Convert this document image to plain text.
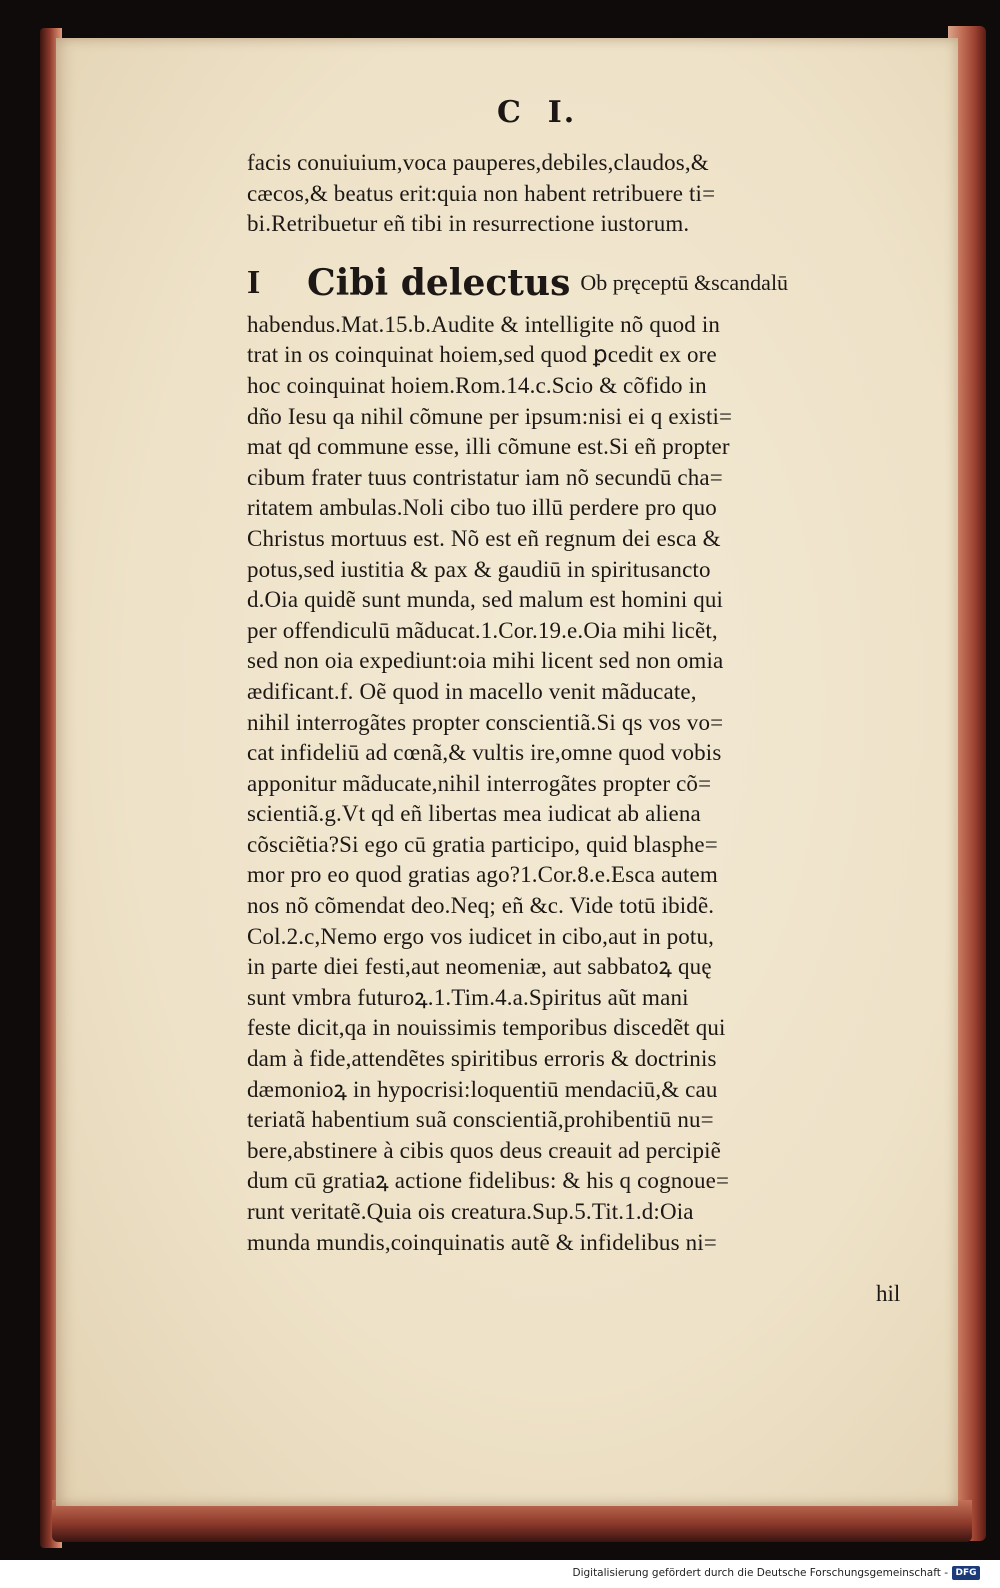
C  I.
facis conuiuium,voca pauperes,debiles,claudos,&
cæcos,& beatus erit:quia non habent retribuere ti=
bi.Retribuetur eñ tibi in resurrectione iustorum.
I	Cibi delectus Ob pręceptū &scandalū
habendus.Mat.15.b.Audite & intelligite nõ quod in
trat in os coinquinat hoiem,sed quod ꝑcedit ex ore
hoc coinquinat hoiem.Rom.14.c.Scio & cõfido in
dño Iesu qa nihil cõmune per ipsum:nisi ei q existi=
mat qd commune esse, illi cõmune est.Si eñ propter
cibum frater tuus contristatur iam nõ secundū cha=
ritatem ambulas.Noli cibo tuo illū perdere pro quo
Christus mortuus est. Nõ est eñ regnum dei esca &
potus,sed iustitia & pax & gaudiū in spiritusancto
d.Oia quidẽ sunt munda, sed malum est homini qui
per offendiculū mãducat.1.Cor.19.e.Oia mihi licẽt,
sed non oia expediunt:oia mihi licent sed non omia
ædificant.f. Oẽ quod in macello venit mãducate,
nihil interrogãtes propter conscientiã.Si qs vos vo=
cat infideliū ad cœnã,& vultis ire,omne quod vobis
apponitur mãducate,nihil interrogãtes propter cõ=
scientiã.g.Vt qd eñ libertas mea iudicat ab aliena
cõsciẽtia?Si ego cū gratia participo, quid blasphe=
mor pro eo quod gratias ago?1.Cor.8.e.Esca autem
nos nõ cõmendat deo.Neq; eñ &c. Vide totū ibidẽ.
Col.2.c,Nemo ergo vos iudicet in cibo,aut in potu,
in parte diei festi,aut neomeniæ, aut sabbatoꝝ quę
sunt vmbra futuroꝝ.1.Tim.4.a.Spiritus aũt mani
feste dicit,qa in nouissimis temporibus discedẽt qui
dam à fide,attendẽtes spiritibus erroris & doctrinis
dæmonioꝝ in hypocrisi:loquentiū mendaciū,& cau
teriatã habentium suã conscientiã,prohibentiū nu=
bere,abstinere à cibis quos deus creauit ad percipiẽ
dum cū gratiaꝝ actione fidelibus: & his q cognoue=
runt veritatẽ.Quia ois creatura.Sup.5.Tit.1.d:Oia
munda mundis,coinquinatis autẽ & infidelibus ni=
hil
Digitalisierung gefördert durch die Deutsche Forschungsgemeinschaft - DFG
